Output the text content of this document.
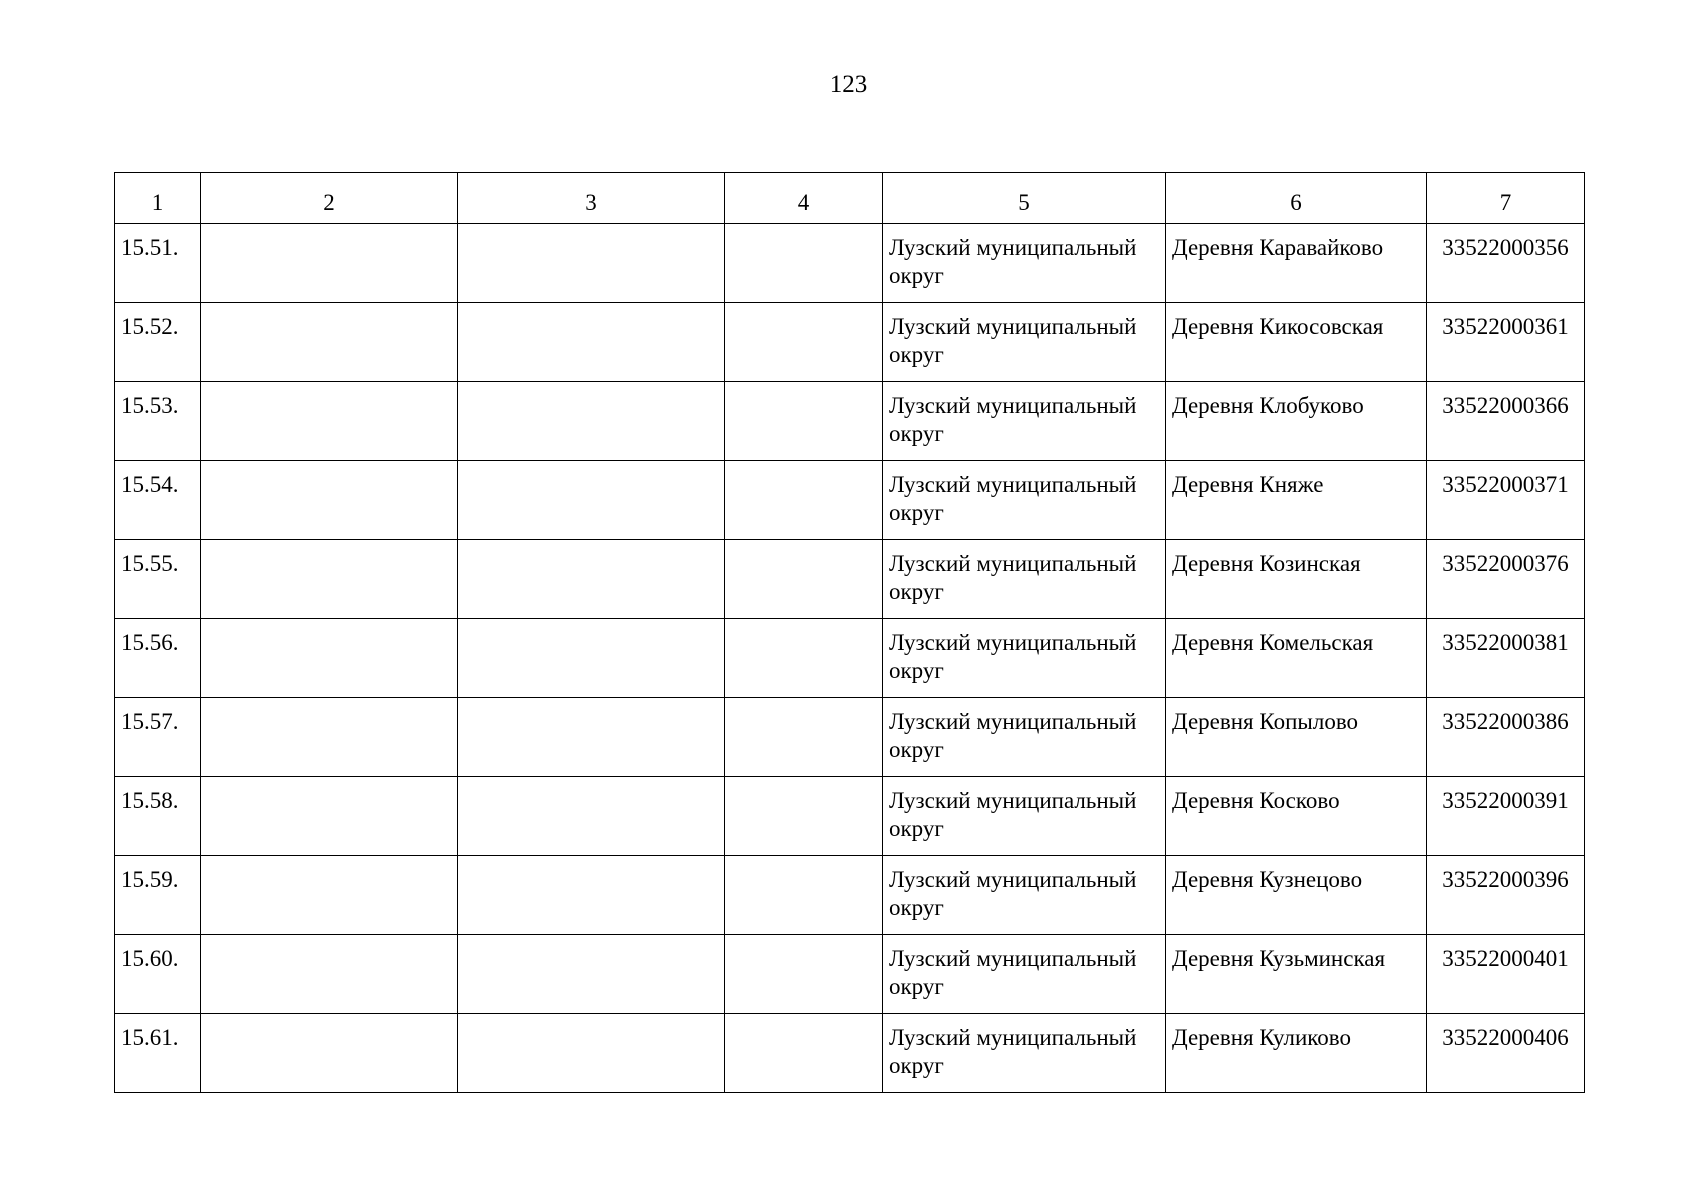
123
1	2	3	4	5	6	7
15.51.				Лузский муниципальный округ	Деревня Каравайково	33522000356
15.52.				Лузский муниципальный округ	Деревня Кикосовская	33522000361
15.53.				Лузский муниципальный округ	Деревня Клобуково	33522000366
15.54.				Лузский муниципальный округ	Деревня Княже	33522000371
15.55.				Лузский муниципальный округ	Деревня Козинская	33522000376
15.56.				Лузский муниципальный округ	Деревня Комельская	33522000381
15.57.				Лузский муниципальный округ	Деревня Копылово	33522000386
15.58.				Лузский муниципальный округ	Деревня Косково	33522000391
15.59.				Лузский муниципальный округ	Деревня Кузнецово	33522000396
15.60.				Лузский муниципальный округ	Деревня Кузьминская	33522000401
15.61.				Лузский муниципальный округ	Деревня Куликово	33522000406
